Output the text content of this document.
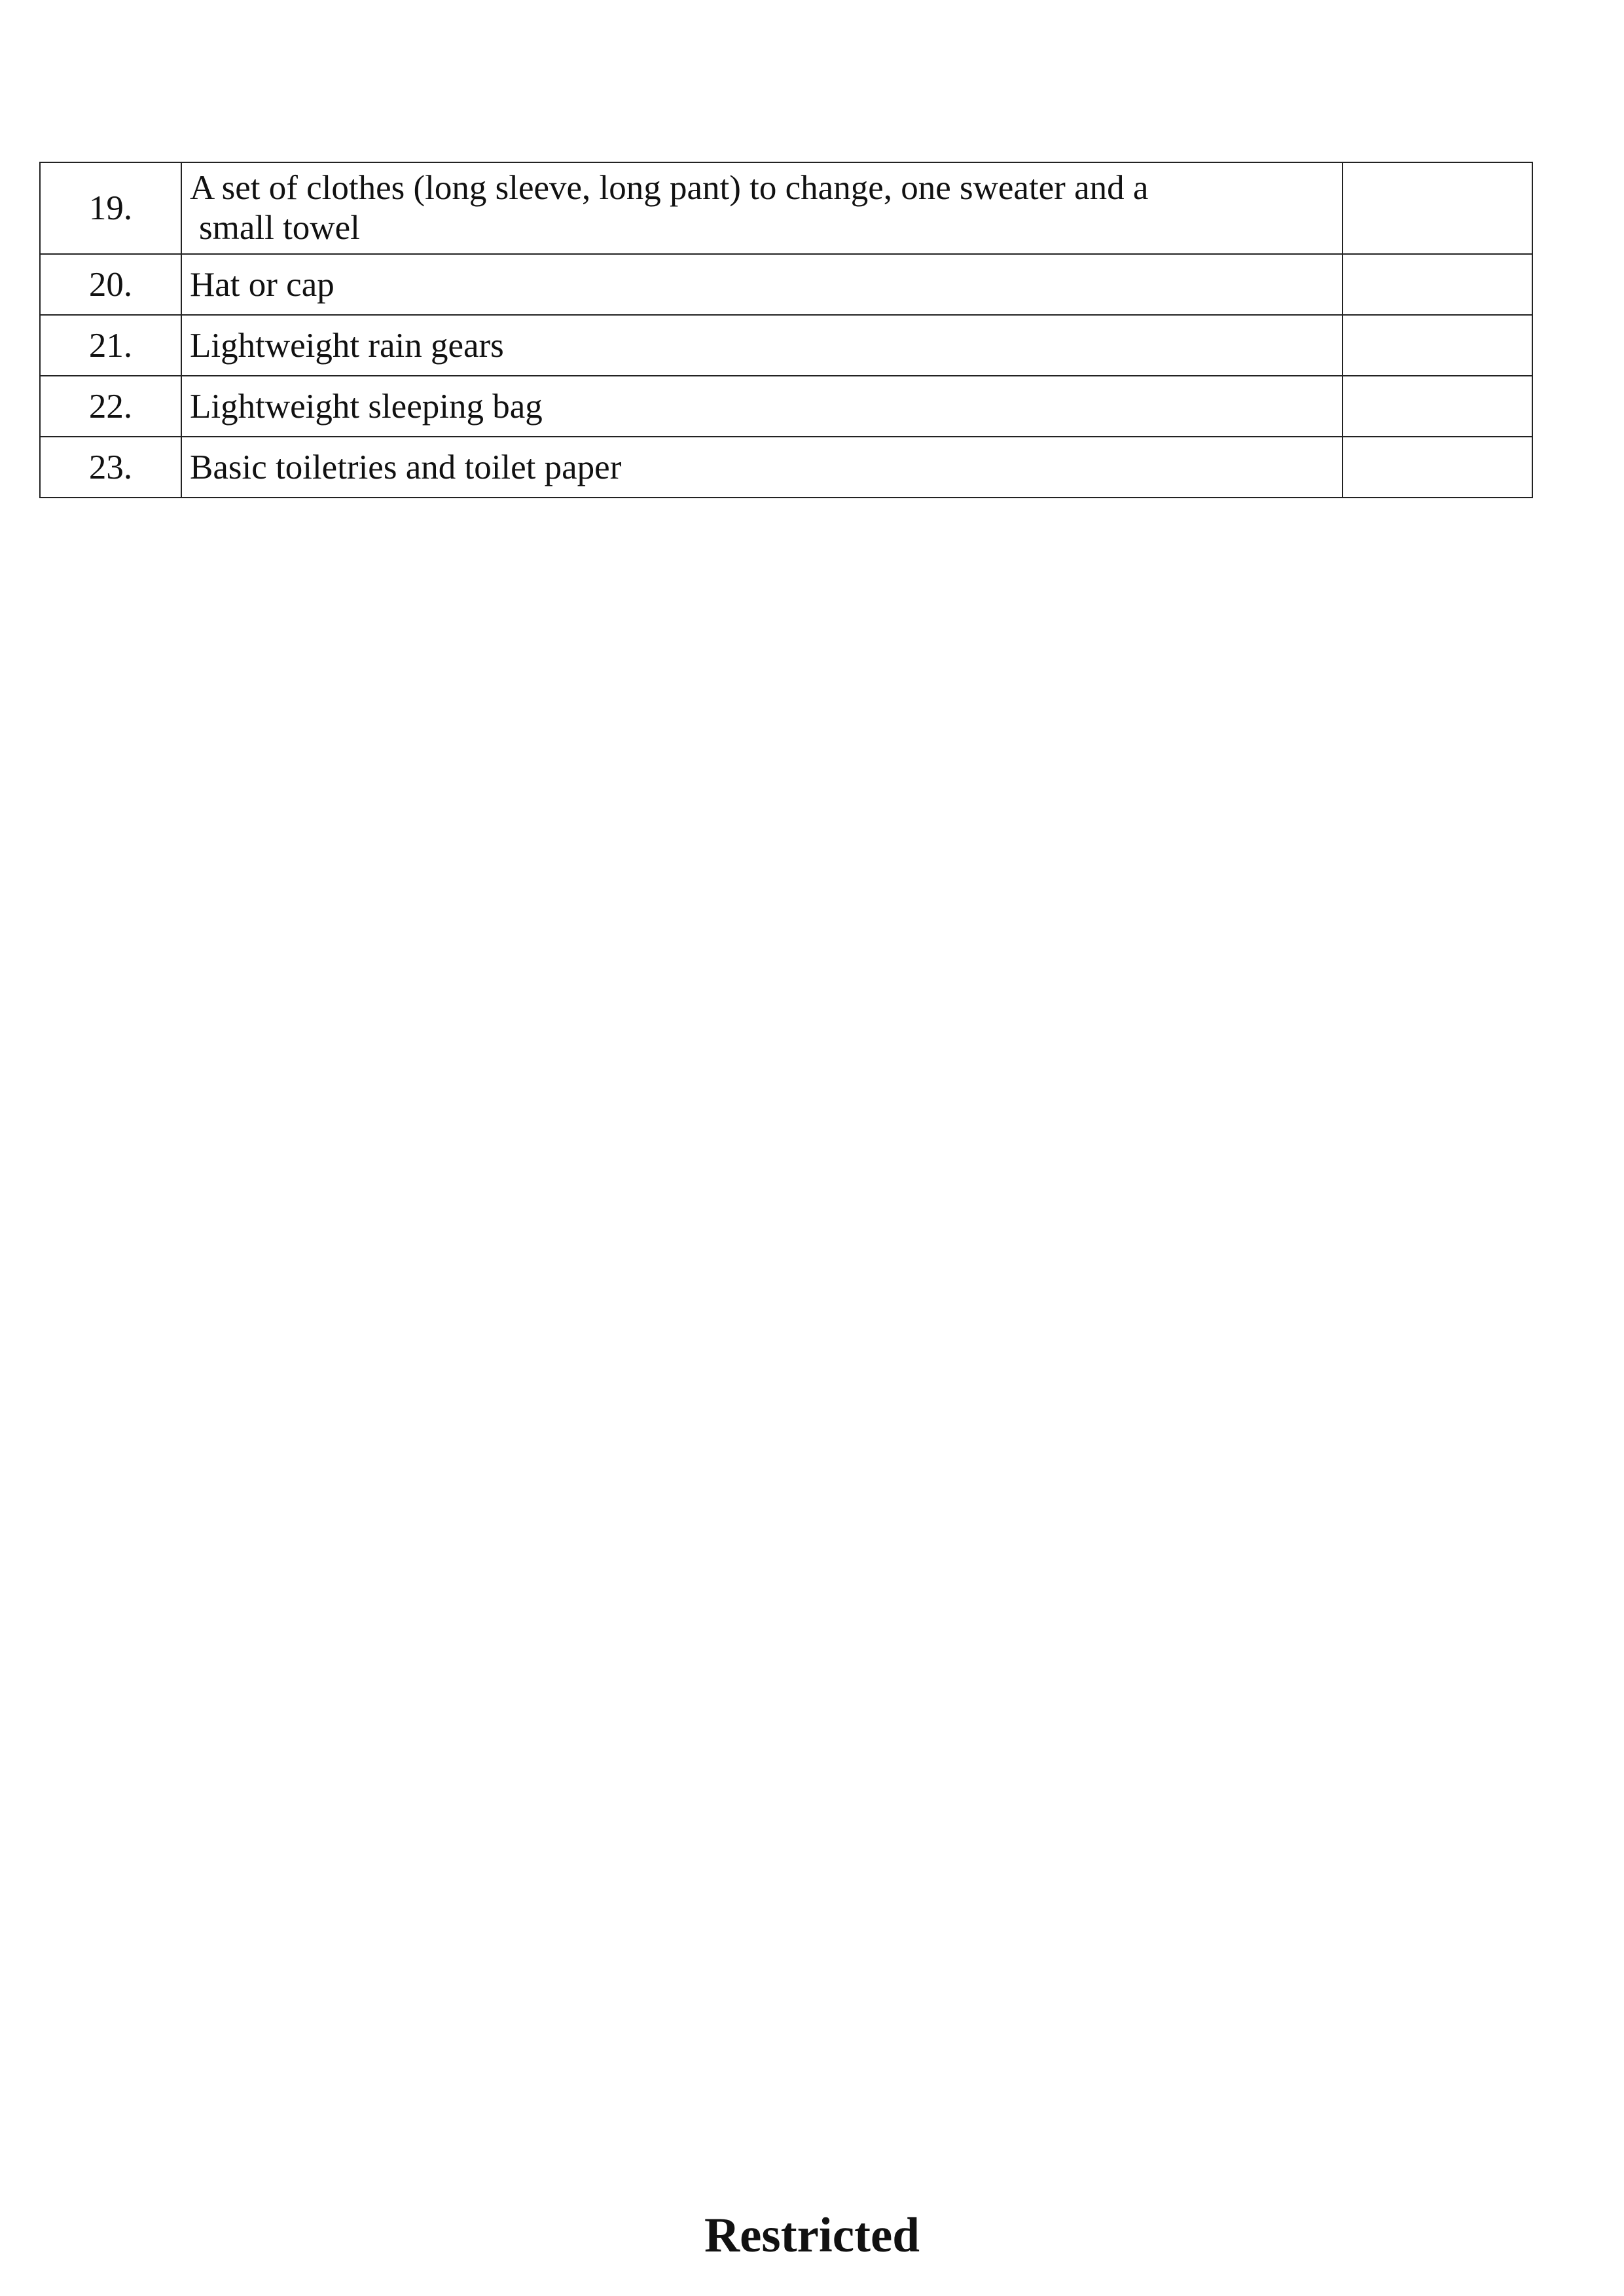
19.	A set of clothes (long sleeve, long pant) to change, one sweater and a
small towel	

20.	Hat or cap	
21.	Lightweight rain gears	
22.	Lightweight sleeping bag	
23.	Basic toiletries and toilet paper	
Restricted
